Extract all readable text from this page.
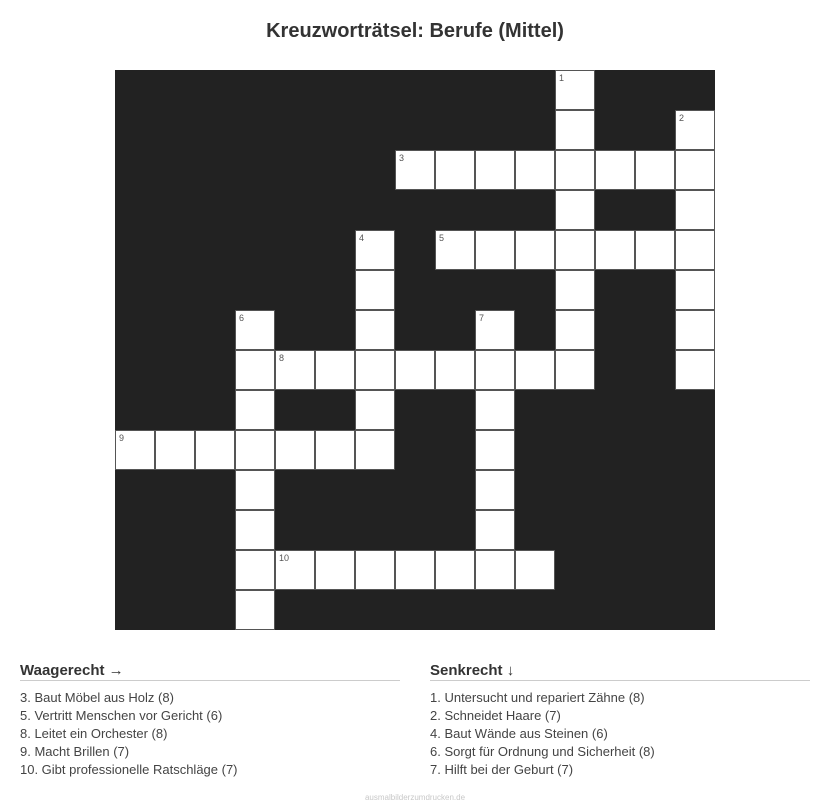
Kreuzworträtsel: Berufe (Mittel)
1
2
3
4	5
6	7
8
9
10
Waagerecht →
3. Baut Möbel aus Holz (8)
5. Vertritt Menschen vor Gericht (6)
8. Leitet ein Orchester (8)
9. Macht Brillen (7)
10. Gibt professionelle Ratschläge (7)
Senkrecht ↓
1. Untersucht und repariert Zähne (8)
2. Schneidet Haare (7)
4. Baut Wände aus Steinen (6)
6. Sorgt für Ordnung und Sicherheit (8)
7. Hilft bei der Geburt (7)
ausmalbilderzumdrucken.de
